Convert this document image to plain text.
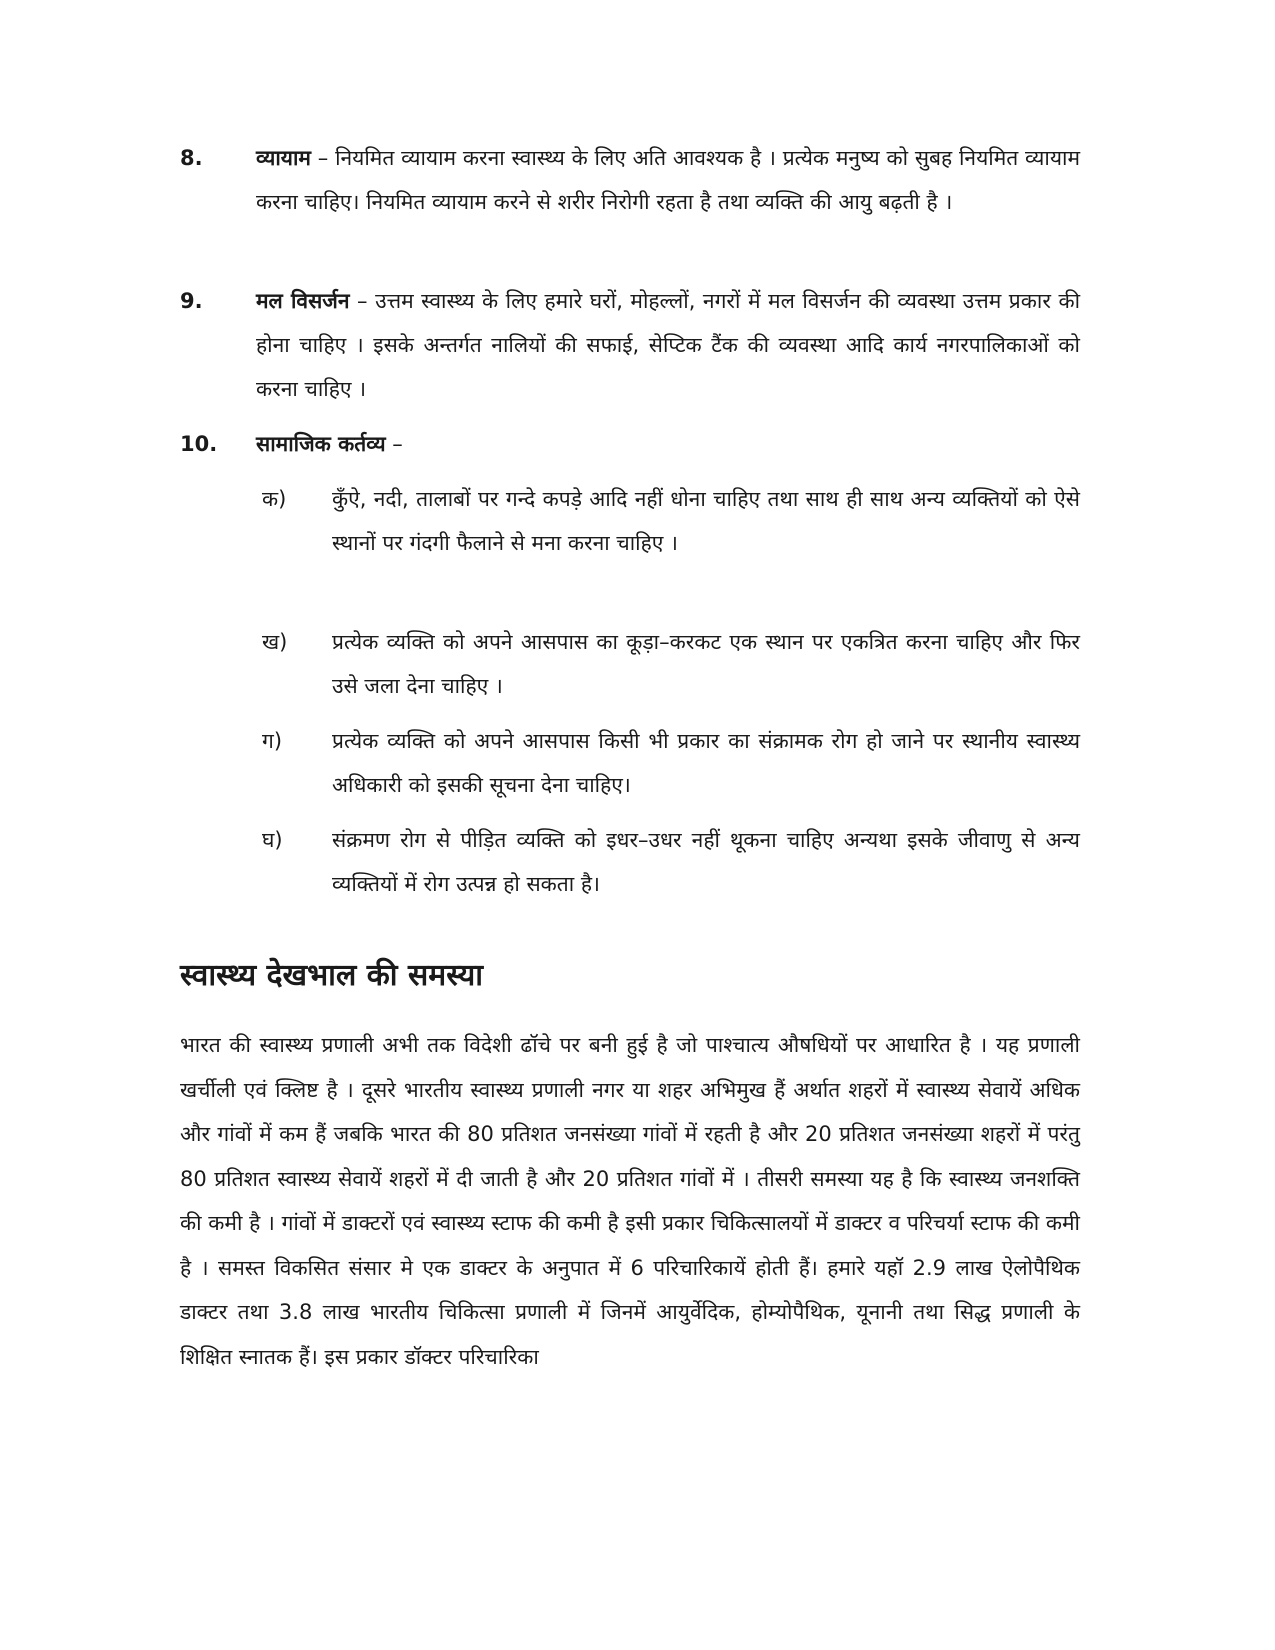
8.	व्यायाम – नियमित व्यायाम करना स्वास्थ्य के लिए अति आवश्यक है । प्रत्येक मनुष्य को सुबह नियमित व्यायाम करना चाहिए। नियमित व्यायाम करने से शरीर निरोगी रहता है तथा व्यक्ति की आयु बढ़ती है ।
9.	मल विसर्जन – उत्तम स्वास्थ्य के लिए हमारे घरों, मोहल्लों, नगरों में मल विसर्जन की व्यवस्था उत्तम प्रकार की होना चाहिए । इसके अन्तर्गत नालियों की सफाई, सेप्टिक टैंक की व्यवस्था आदि कार्य नगरपालिकाओं को करना चाहिए ।
10. सामाजिक कर्तव्य –
क) कुँऐ, नदी, तालाबों पर गन्दे कपड़े आदि नहीं धोना चाहिए तथा साथ ही साथ अन्य व्यक्तियों को ऐसे स्थानों पर गंदगी फैलाने से मना करना चाहिए ।
ख) प्रत्येक व्यक्ति को अपने आसपास का कूड़ा–करकट एक स्थान पर एकत्रित करना चाहिए और फिर उसे जला देना चाहिए ।
ग) प्रत्येक व्यक्ति को अपने आसपास किसी भी प्रकार का संक्रामक रोग हो जाने पर स्थानीय स्वास्थ्य अधिकारी को इसकी सूचना देना चाहिए।
घ) संक्रमण रोग से पीड़ित व्यक्ति को इधर–उधर नहीं थूकना चाहिए अन्यथा इसके जीवाणु से अन्य व्यक्तियों में रोग उत्पन्न हो सकता है।
स्वास्थ्य देखभाल की समस्या
भारत की स्वास्थ्य प्रणाली अभी तक विदेशी ढॉचे पर बनी हुई है जो पाश्चात्य औषधियों पर आधारित है । यह प्रणाली खर्चीली एवं क्लिष्ट है । दूसरे भारतीय स्वास्थ्य प्रणाली नगर या शहर अभिमुख हैं अर्थात शहरों में स्वास्थ्य सेवायें अधिक और गांवों में कम हैं जबकि भारत की 80 प्रतिशत जनसंख्या गांवों में रहती है और 20 प्रतिशत जनसंख्या शहरों में परंतु 80 प्रतिशत स्वास्थ्य सेवायें शहरों में दी जाती है और 20 प्रतिशत गांवों में । तीसरी समस्या यह है कि स्वास्थ्य जनशक्ति की कमी है । गांवों में डाक्टरों एवं स्वास्थ्य स्टाफ की कमी है इसी प्रकार चिकित्सालयों में डाक्टर व परिचर्या स्टाफ की कमी है । समस्त विकसित संसार मे एक डाक्टर के अनुपात में 6 परिचारिकायें होती हैं। हमारे यहॉ 2.9 लाख ऐलोपैथिक डाक्टर तथा 3.8 लाख भारतीय चिकित्सा प्रणाली में जिनमें आयुर्वेदिक, होम्योपैथिक, यूनानी तथा सिद्ध प्रणाली के शिक्षित स्नातक हैं। इस प्रकार डॉक्टर परिचारिका
